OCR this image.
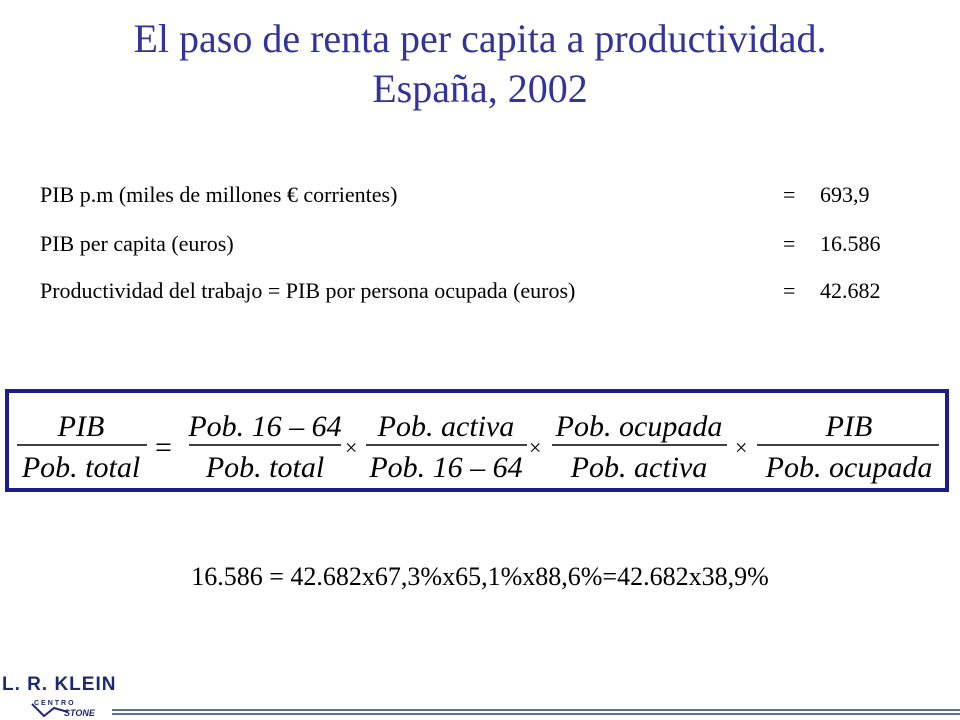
El paso de renta per capita a productividad.
España, 2002
PIB p.m (miles de millones € corrientes)	= 693,9
PIB per capita (euros)	= 16.586
Productividad del trabajo = PIB por persona ocupada (euros)	= 42.682
PIB
Pob. total
=
Pob. 16 – 64
Pob. total
×
Pob. activa
Pob. 16 – 64
×
Pob. ocupada
Pob. activa
×
PIB
Pob. ocupada
16.586 = 42.682x67,3%x65,1%x88,6%=42.682x38,9%
L. R. KLEIN
CENTRO
STONE
